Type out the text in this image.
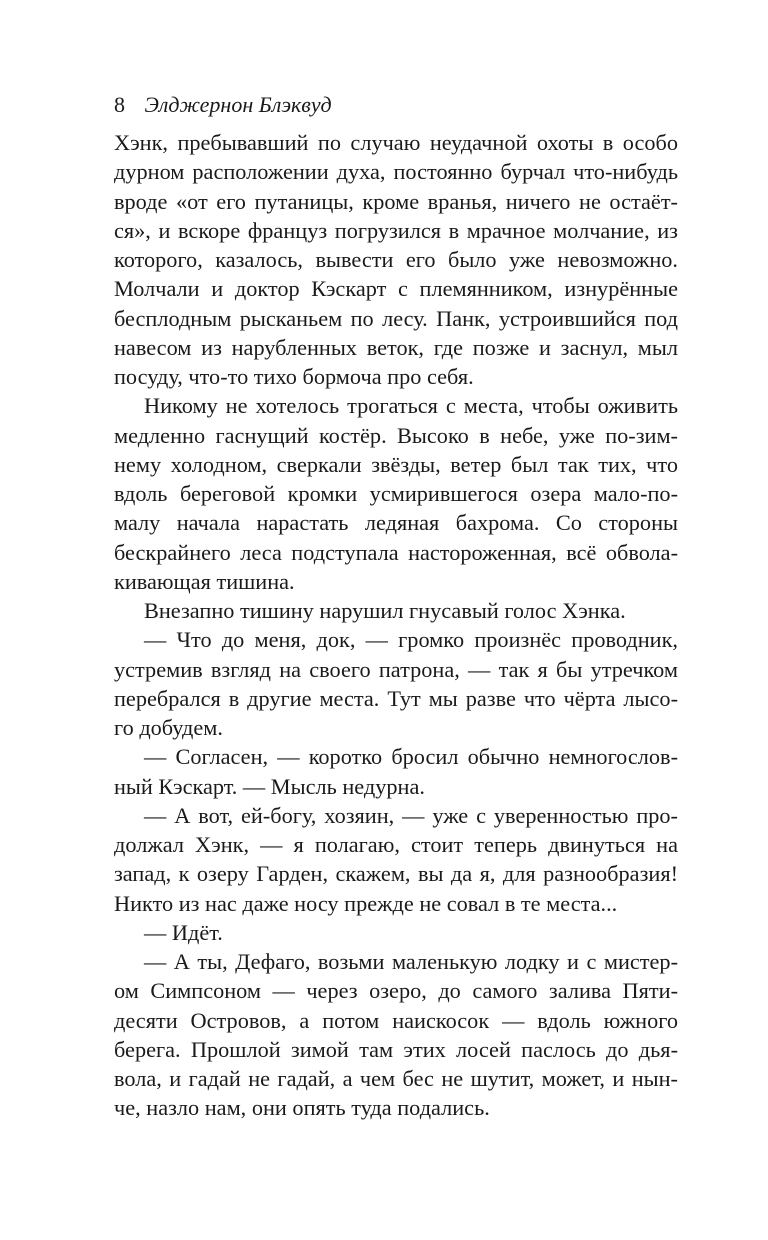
8 Элджернон Блэквуд
Хэнк, пребывавший по случаю неудачной охоты в особо
дурном расположении духа, постоянно бурчал что-нибудь
вроде «от его путаницы, кроме вранья, ничего не остаёт-
ся», и вскоре француз погрузился в мрачное молчание, из
которого, казалось, вывести его было уже невозможно.
Молчали и доктор Кэскарт с племянником, изнурённые
бесплодным рысканьем по лесу. Панк, устроившийся под
навесом из нарубленных веток, где позже и заснул, мыл
посуду, что-то тихо бормоча про себя.
Никому не хотелось трогаться с места, чтобы оживить
медленно гаснущий костёр. Высоко в небе, уже по-зим-
нему холодном, сверкали звёзды, ветер был так тих, что
вдоль береговой кромки усмирившегося озера мало-по-
малу начала нарастать ледяная бахрома. Со стороны
бескрайнего леса подступала настороженная, всё обвола-
кивающая тишина.
Внезапно тишину нарушил гнусавый голос Хэнка.
— Что до меня, док, — громко произнёс проводник,
устремив взгляд на своего патрона, — так я бы утречком
перебрался в другие места. Тут мы разве что чёрта лысо-
го добудем.
— Согласен, — коротко бросил обычно немногослов-
ный Кэскарт. — Мысль недурна.
— А вот, ей-богу, хозяин, — уже с уверенностью про-
должал Хэнк, — я полагаю, стоит теперь двинуться на
запад, к озеру Гарден, скажем, вы да я, для разнообразия!
Никто из нас даже носу прежде не совал в те места...
— Идёт.
— А ты, Дефаго, возьми маленькую лодку и с мистер-
ом Симпсоном — через озеро, до самого залива Пяти-
десяти Островов, а потом наискосок — вдоль южного
берега. Прошлой зимой там этих лосей паслось до дья-
вола, и гадай не гадай, а чем бес не шутит, может, и нын-
че, назло нам, они опять туда подались.
